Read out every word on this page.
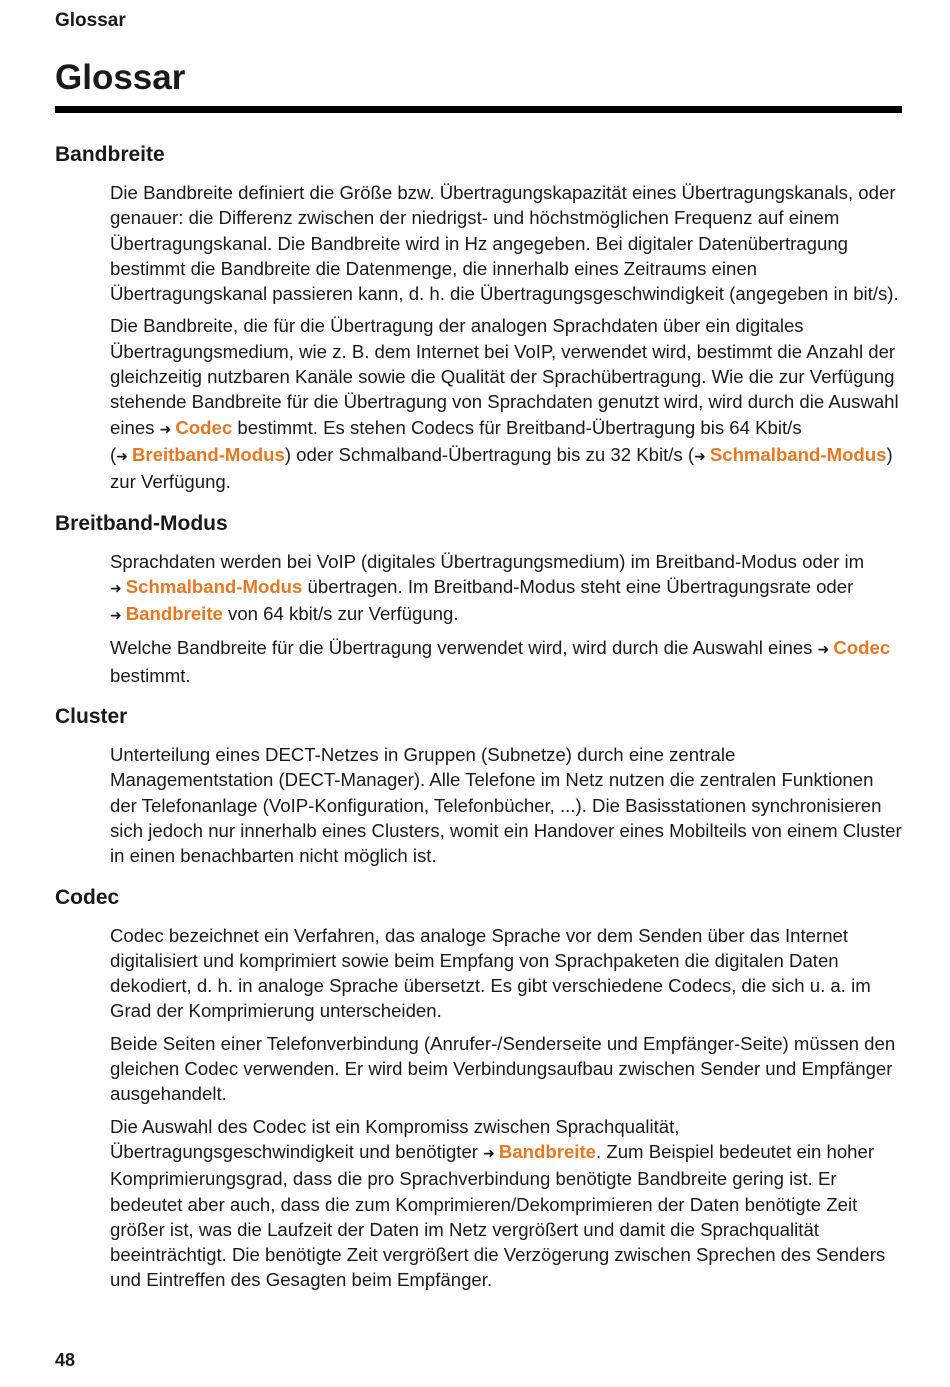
Glossar
Glossar
Bandbreite

Die Bandbreite definiert die Größe bzw. Übertragungskapazität eines Übertragungskanals, oder genauer: die Differenz zwischen der niedrigst- und höchstmöglichen Frequenz auf einem Übertragungskanal. Die Bandbreite wird in Hz angegeben. Bei digitaler Datenübertragung bestimmt die Bandbreite die Datenmenge, die innerhalb eines Zeitraums einen Übertragungskanal passieren kann, d. h. die Übertragungsgeschwindigkeit (angegeben in bit/s).

Die Bandbreite, die für die Übertragung der analogen Sprachdaten über ein digitales Übertragungsmedium, wie z. B. dem Internet bei VoIP, verwendet wird, bestimmt die Anzahl der gleichzeitig nutzbaren Kanäle sowie die Qualität der Sprachübertragung. Wie die zur Verfügung stehende Bandbreite für die Übertragung von Sprachdaten genutzt wird, wird durch die Auswahl eines ➜ Codec bestimmt. Es stehen Codecs für Breitband-Übertragung bis 64 Kbit/s (➜ Breitband-Modus) oder Schmalband-Übertragung bis zu 32 Kbit/s (➜ Schmalband-Modus) zur Verfügung.

Breitband-Modus

Sprachdaten werden bei VoIP (digitales Übertragungsmedium) im Breitband-Modus oder im ➜ Schmalband-Modus übertragen. Im Breitband-Modus steht eine Übertragungsrate oder ➜ Bandbreite von 64 kbit/s zur Verfügung.

Welche Bandbreite für die Übertragung verwendet wird, wird durch die Auswahl eines ➜ Codec bestimmt.

Cluster

Unterteilung eines DECT-Netzes in Gruppen (Subnetze) durch eine zentrale Managementstation (DECT-Manager). Alle Telefone im Netz nutzen die zentralen Funktionen der Telefonanlage (VoIP-Konfiguration, Telefonbücher, ...). Die Basisstationen synchronisieren sich jedoch nur innerhalb eines Clusters, womit ein Handover eines Mobilteils von einem Cluster in einen benachbarten nicht möglich ist.

Codec

Codec bezeichnet ein Verfahren, das analoge Sprache vor dem Senden über das Internet digitalisiert und komprimiert sowie beim Empfang von Sprachpaketen die digitalen Daten dekodiert, d. h. in analoge Sprache übersetzt. Es gibt verschiedene Codecs, die sich u. a. im Grad der Komprimierung unterscheiden.

Beide Seiten einer Telefonverbindung (Anrufer-/Senderseite und Empfänger-Seite) müssen den gleichen Codec verwenden. Er wird beim Verbindungsaufbau zwischen Sender und Empfänger ausgehandelt.

Die Auswahl des Codec ist ein Kompromiss zwischen Sprachqualität, Übertragungsgeschwindigkeit und benötigter ➜ Bandbreite. Zum Beispiel bedeutet ein hoher Komprimierungsgrad, dass die pro Sprachverbindung benötigte Bandbreite gering ist. Er bedeutet aber auch, dass die zum Komprimieren/Dekomprimieren der Daten benötigte Zeit größer ist, was die Laufzeit der Daten im Netz vergrößert und damit die Sprachqualität beeinträchtigt. Die benötigte Zeit vergrößert die Verzögerung zwischen Sprechen des Senders und Eintreffen des Gesagten beim Empfänger.

48
